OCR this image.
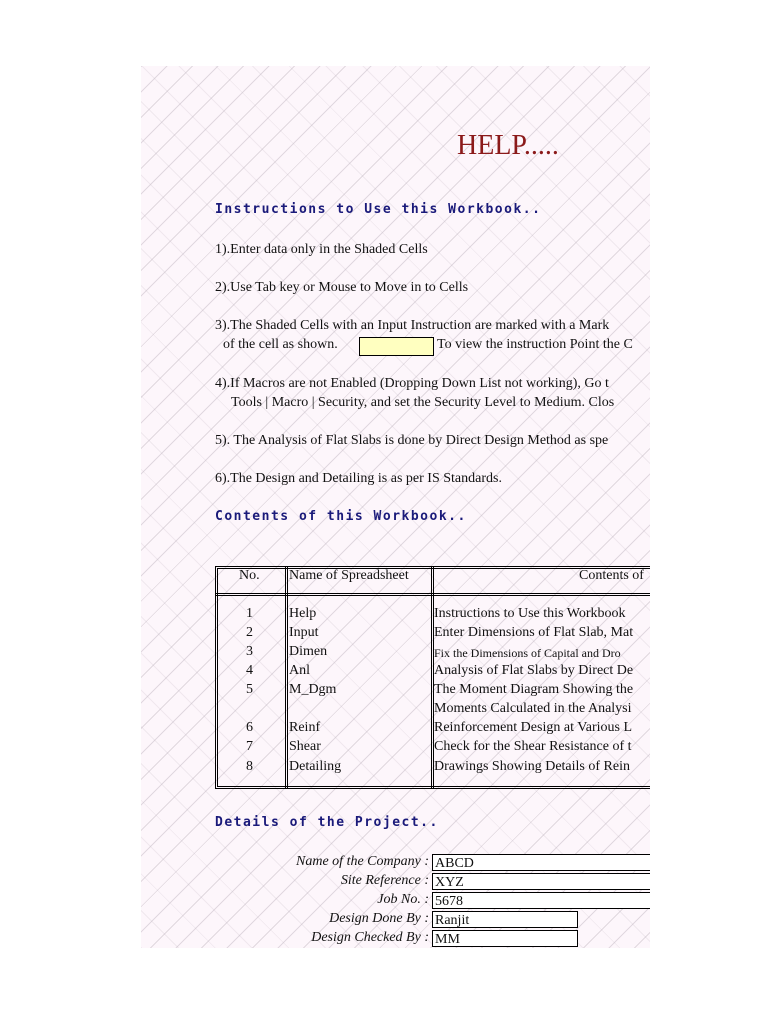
HELP.....
Instructions to Use this Workbook..
1).Enter data only in the Shaded Cells
2).Use Tab key or Mouse to Move in to Cells
3).The Shaded Cells with an Input Instruction are marked with a Mark
of the cell as shown.	To view the instruction Point the C
4).If Macros are not Enabled (Dropping Down List not working), Go t
Tools | Macro | Security, and set the Security Level to Medium. Clos
5). The Analysis of Flat Slabs is done by Direct Design Method as spe
6).The Design and Detailing is as per IS Standards.
Contents of this Workbook..
No. Name of Spreadsheet	Contents of
1	Help	Instructions to Use this Workbook
2	Input	Enter Dimensions of Flat Slab, Mat
3	Dimen	Fix the Dimensions of Capital and Dro
4	Anl	Analysis of Flat Slabs by Direct De
5	M_Dgm	The Moment Diagram Showing the
Moments Calculated in the Analysi
6	Reinf	Reinforcement Design at Various L
7	Shear	Check for the Shear Resistance of t
8	Detailing	Drawings Showing Details of Rein
Details of the Project..
Name of the Company : ABCD
Site Reference : XYZ
Job No. : 5678
Design Done By : Ranjit
Design Checked By : MM
